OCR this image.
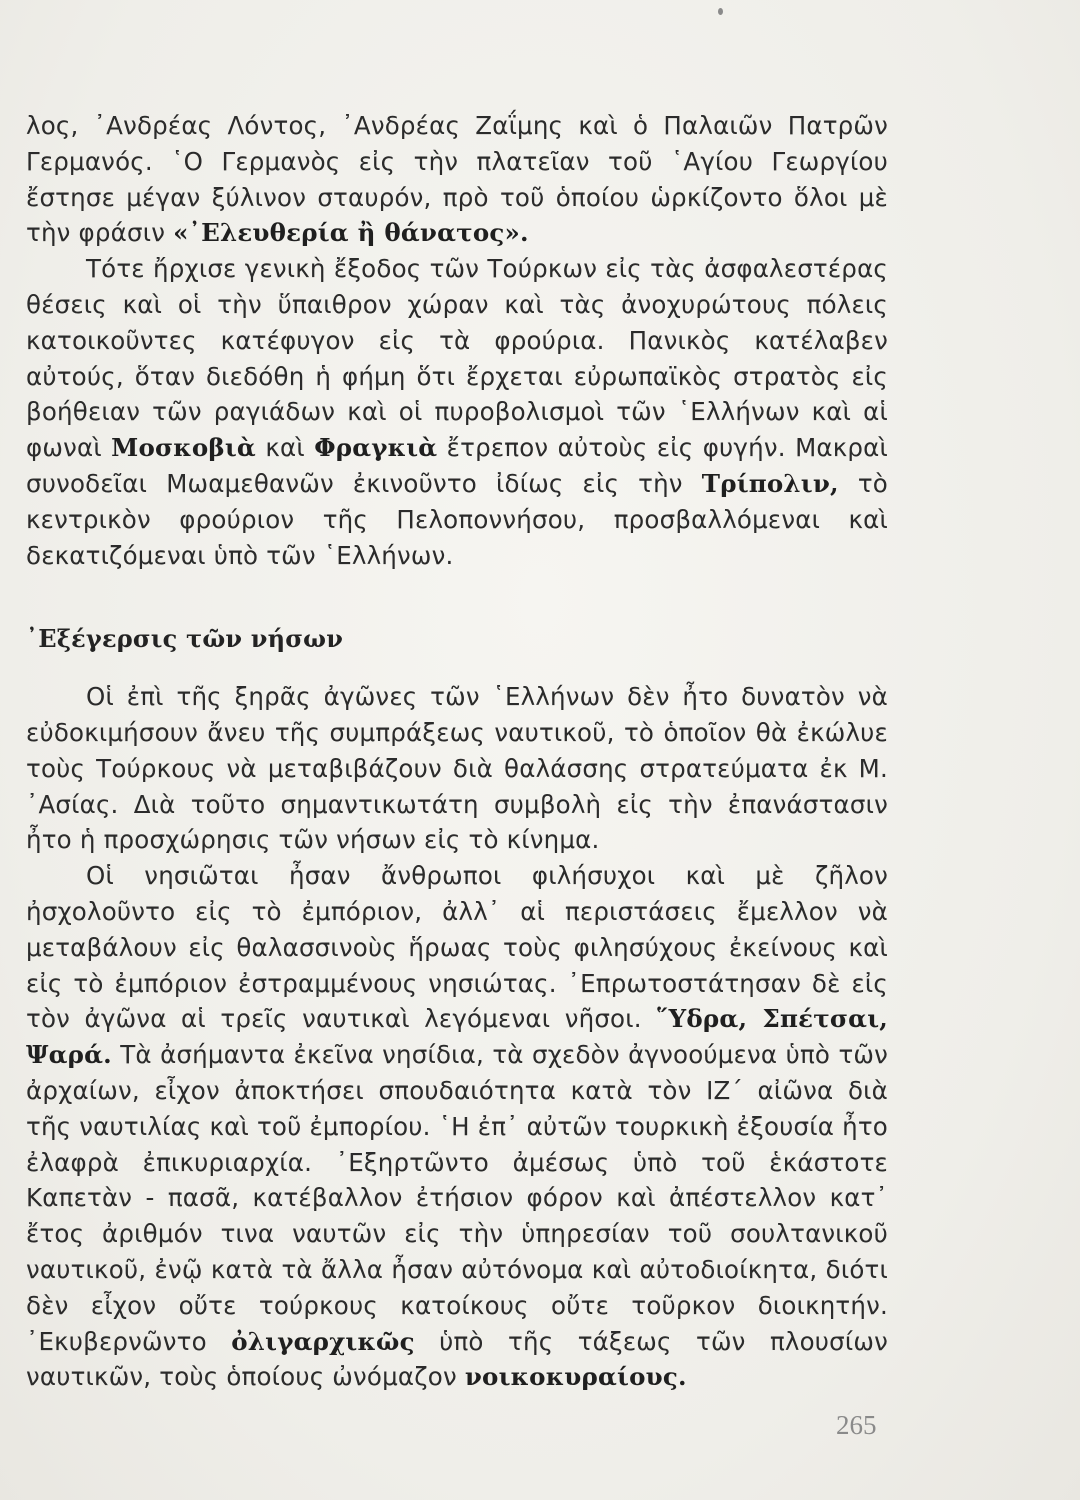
λος, ᾿Ανδρέας Λόντος, ᾿Ανδρέας Ζαΐμης καὶ ὁ Παλαιῶν Πατρῶν Γερμανός. ῾Ο Γερμανὸς εἰς τὴν πλατεῖαν τοῦ ῾Αγίου Γεωργίου ἔστησε μέγαν ξύλινον σταυρόν, πρὸ τοῦ ὁποίου ὡρκίζοντο ὅλοι μὲ τὴν φράσιν «᾿Ελευθερία ἢ θάνατος».

Τότε ἤρχισε γενικὴ ἔξοδος τῶν Τούρκων εἰς τὰς ἀσφαλεστέρας θέσεις καὶ οἱ τὴν ὕπαιθρον χώραν καὶ τὰς ἀνοχυρώτους πόλεις κατοικοῦντες κατέφυγον εἰς τὰ φρούρια. Πανικὸς κατέλαβεν αὐτούς, ὅταν διεδόθη ἡ φήμη ὅτι ἔρχεται εὐρωπαϊκὸς στρατὸς εἰς βοήθειαν τῶν ραγιάδων καὶ οἱ πυροβολισμοὶ τῶν ῾Ελλήνων καὶ αἱ φωναὶ Μοσκοβιὰ καὶ Φραγκιὰ ἔτρεπον αὐτοὺς εἰς φυγήν. Μακραὶ συνοδεῖαι Μωαμεθανῶν ἐκινοῦντο ἰδίως εἰς τὴν Τρίπολιν, τὸ κεντρικὸν φρούριον τῆς Πελοποννήσου, προσβαλλόμεναι καὶ δεκατιζόμεναι ὑπὸ τῶν ῾Ελλήνων.

᾿Εξέγερσις τῶν νήσων

Οἱ ἐπὶ τῆς ξηρᾶς ἀγῶνες τῶν ῾Ελλήνων δὲν ἦτο δυνατὸν νὰ εὐδοκιμήσουν ἄνευ τῆς συμπράξεως ναυτικοῦ, τὸ ὁποῖον θὰ ἐκώλυε τοὺς Τούρκους νὰ μεταβιβάζουν διὰ θαλάσσης στρατεύματα ἐκ Μ. ᾿Ασίας. Διὰ τοῦτο σημαντικωτάτη συμβολὴ εἰς τὴν ἐπανάστασιν ἦτο ἡ προσχώρησις τῶν νήσων εἰς τὸ κίνημα.

Οἱ νησιῶται ἦσαν ἄνθρωποι φιλήσυχοι καὶ μὲ ζῆλον ἠσχολοῦντο εἰς τὸ ἐμπόριον, ἀλλ᾿ αἱ περιστάσεις ἔμελλον νὰ μεταβάλουν εἰς θαλασσινοὺς ἥρωας τοὺς φιλησύχους ἐκείνους καὶ εἰς τὸ ἐμπόριον ἐστραμμένους νησιώτας. ᾿Επρωτοστάτησαν δὲ εἰς τὸν ἀγῶνα αἱ τρεῖς ναυτικαὶ λεγόμεναι νῆσοι. ῞Υδρα, Σπέτσαι, Ψαρά. Τὰ ἀσήμαντα ἐκεῖνα νησίδια, τὰ σχεδὸν ἀγνοούμενα ὑπὸ τῶν ἀρχαίων, εἶχον ἀποκτήσει σπουδαιότητα κατὰ τὸν ΙΖ΄ αἰῶνα διὰ τῆς ναυτιλίας καὶ τοῦ ἐμπορίου. ῾Η ἐπ᾿ αὐτῶν τουρκικὴ ἐξουσία ἦτο ἐλαφρὰ ἐπικυριαρχία. ᾿Εξηρτῶντο ἀμέσως ὑπὸ τοῦ ἑκάστοτε Καπετὰν - πασᾶ, κατέβαλλον ἐτήσιον φόρον καὶ ἀπέστελλον κατ᾿ ἔτος ἀριθμόν τινα ναυτῶν εἰς τὴν ὑπηρεσίαν τοῦ σουλτανικοῦ ναυτικοῦ, ἐνῷ κατὰ τὰ ἄλλα ἦσαν αὐτόνομα καὶ αὐτοδιοίκητα, διότι δὲν εἶχον οὔτε τούρκους κατοίκους οὔτε τοῦρκον διοικητήν. ᾿Εκυβερνῶντο ὀλιγαρχικῶς ὑπὸ τῆς τάξεως τῶν πλουσίων ναυτικῶν, τοὺς ὁποίους ὠνόμαζον νοικοκυραίους.

265
